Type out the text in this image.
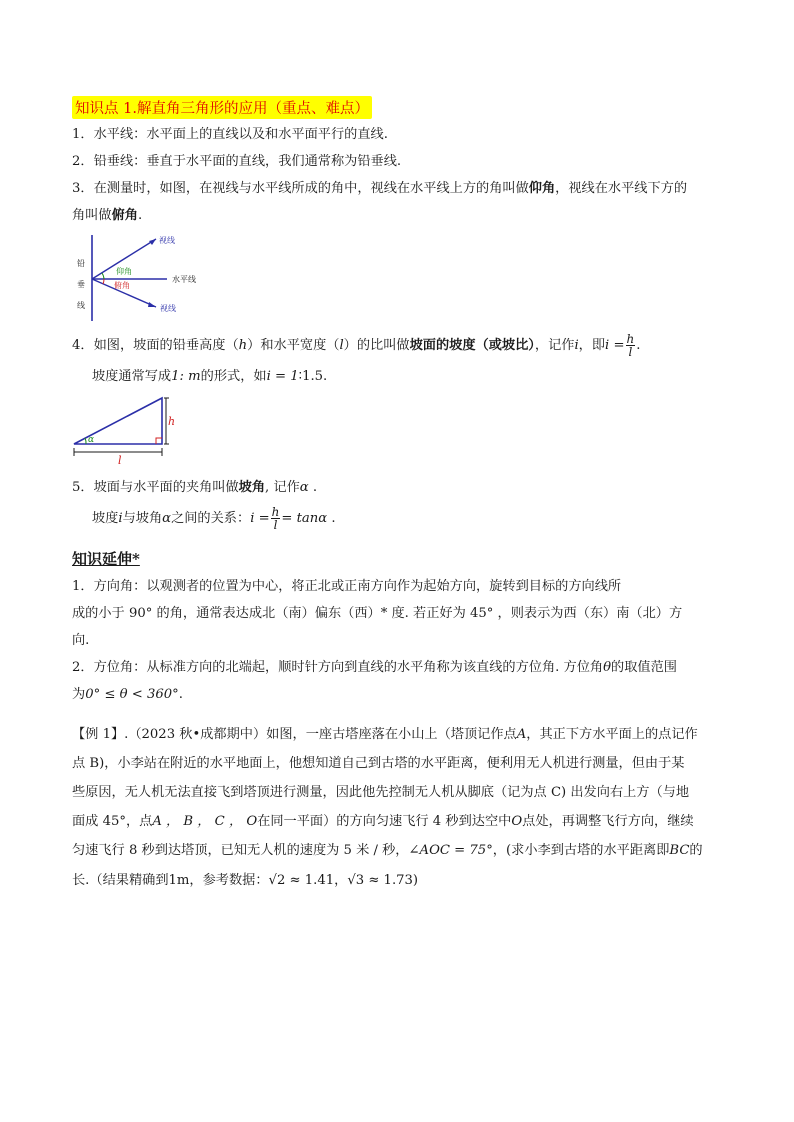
知识点 1.解直角三角形的应用（重点、难点）
1．水平线：水平面上的直线以及和水平面平行的直线.
2．铅垂线：垂直于水平面的直线，我们通常称为铅垂线.
3．在测量时，如图，在视线与水平线所成的角中，视线在水平线上方的角叫做仰角，视线在水平线下方的
角叫做俯角.
视线
视线
水平线
仰角
俯角
铅
垂
线
4．如图，坡面的铅垂高度（h）和水平宽度（l）的比叫做坡面的坡度（或坡比），记作i，即$i = \frac{h}{l}$ .
坡度通常写成1: m的形式，如i = 1∶1.5.
h
l
α
5．坡面与水平面的夹角叫做坡角, 记作α .
坡度i与坡角α之间的关系：$i = \frac{h}{l} = \tan\alpha$ .
知识延伸*
1．方向角：以观测者的位置为中心，将正北或正南方向作为起始方向，旋转到目标的方向线所
成的小于 90° 的角，通常表达成北（南）偏东（西）* 度. 若正好为 45° ，则表示为西（东）南（北）方
向.
2．方位角：从标准方向的北端起，顺时针方向到直线的水平角称为该直线的方位角. 方位角θ的取值范围
为0° ≤ θ < 360°.
【例 1】.（2023 秋•成都期中）如图，一座古塔座落在小山上（塔顶记作点A，其正下方水平面上的点记作
点 B)，小李站在附近的水平地面上，他想知道自己到古塔的水平距离，便利用无人机进行测量，但由于某
些原因，无人机无法直接飞到塔顶进行测量，因此他先控制无人机从脚底（记为点 C) 出发向右上方（与地
面成 45°，点A ， B ， C ， O在同一平面）的方向匀速飞行 4 秒到达空中O点处，再调整飞行方向，继续
匀速飞行 8 秒到达塔顶，已知无人机的速度为 5 米 / 秒，∠AOC = 75°，(求小李到古塔的水平距离即BC的
长.（结果精确到1m，参考数据：√2 ≈ 1.41，√3 ≈ 1.73)
